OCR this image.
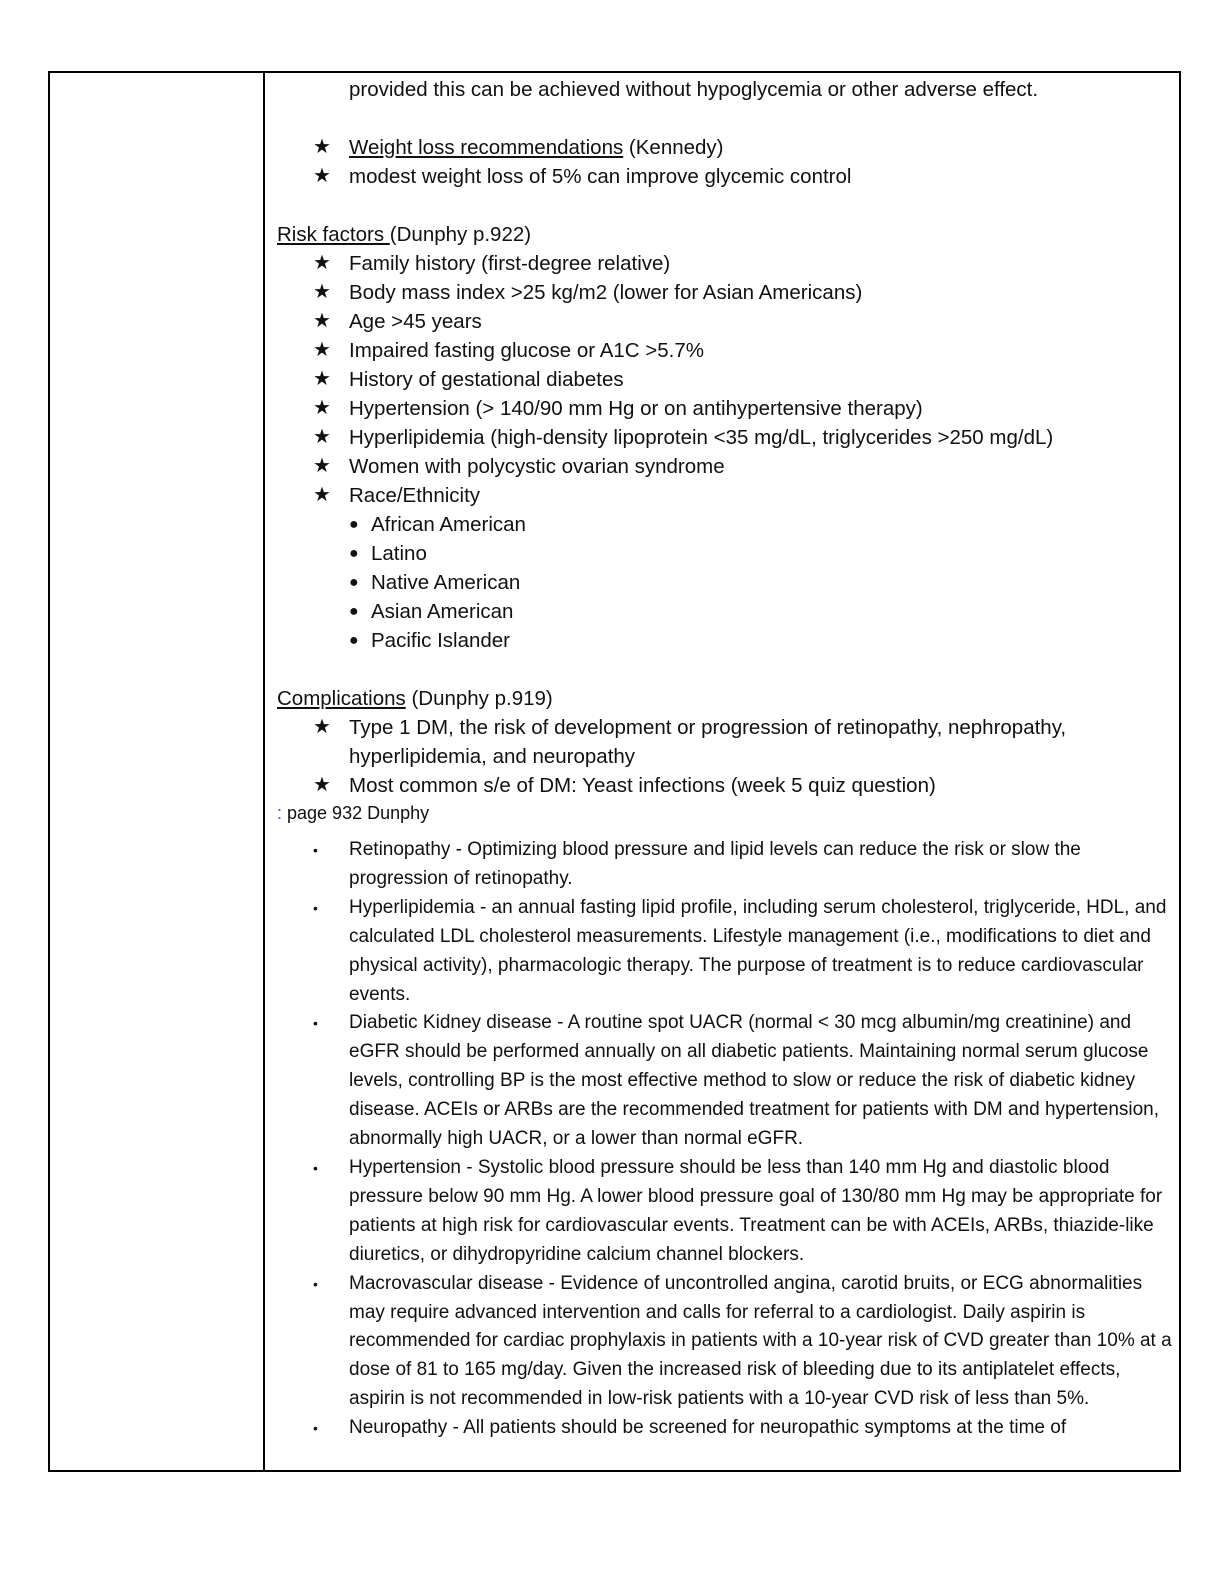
provided this can be achieved without hypoglycemia or other adverse effect.
★ Weight loss recommendations (Kennedy)
★ modest weight loss of 5% can improve glycemic control
Risk factors (Dunphy p.922)
★ Family history (first-degree relative)
★ Body mass index >25 kg/m2 (lower for Asian Americans)
★ Age >45 years
★ Impaired fasting glucose or A1C >5.7%
★ History of gestational diabetes
★ Hypertension (> 140/90 mm Hg or on antihypertensive therapy)
★ Hyperlipidemia (high-density lipoprotein <35 mg/dL, triglycerides >250 mg/dL)
★ Women with polycystic ovarian syndrome
★ Race/Ethnicity
● African American
● Latino
● Native American
● Asian American
● Pacific Islander
Complications (Dunphy p.919)
★ Type 1 DM, the risk of development or progression of retinopathy, nephropathy, hyperlipidemia, and neuropathy
★ Most common s/e of DM: Yeast infections (week 5 quiz question)
: page 932 Dunphy
• Retinopathy - Optimizing blood pressure and lipid levels can reduce the risk or slow the progression of retinopathy.

• Hyperlipidemia - an annual fasting lipid profile, including serum cholesterol, triglyceride, HDL, and calculated LDL cholesterol measurements. Lifestyle management (i.e., modifications to diet and physical activity), pharmacologic therapy. The purpose of treatment is to reduce cardiovascular events.

• Diabetic Kidney disease - A routine spot UACR (normal < 30 mcg albumin/mg creatinine) and eGFR should be performed annually on all diabetic patients. Maintaining normal serum glucose levels, controlling BP is the most effective method to slow or reduce the risk of diabetic kidney disease. ACEIs or ARBs are the recommended treatment for patients with DM and hypertension, abnormally high UACR, or a lower than normal eGFR.

• Hypertension - Systolic blood pressure should be less than 140 mm Hg and diastolic blood pressure below 90 mm Hg. A lower blood pressure goal of 130/80 mm Hg may be appropriate for patients at high risk for cardiovascular events. Treatment can be with ACEIs, ARBs, thiazide-like diuretics, or dihydropyridine calcium channel blockers.

• Macrovascular disease - Evidence of uncontrolled angina, carotid bruits, or ECG abnormalities may require advanced intervention and calls for referral to a cardiologist. Daily aspirin is recommended for cardiac prophylaxis in patients with a 10-year risk of CVD greater than 10% at a dose of 81 to 165 mg/day. Given the increased risk of bleeding due to its antiplatelet effects, aspirin is not recommended in low-risk patients with a 10-year CVD risk of less than 5%.

• Neuropathy - All patients should be screened for neuropathic symptoms at the time of
